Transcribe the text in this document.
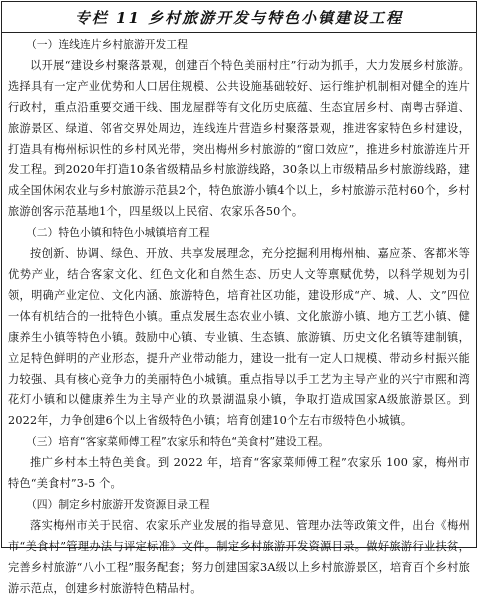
专栏 11 乡村旅游开发与特色小镇建设工程
（一）连线连片乡村旅游开发工程

以开展“建设乡村聚落景观，创建百个特色美丽村庄”行动为抓手，大力发展乡村旅游。选择具有一定产业优势和人口居住规模、公共设施基础较好、运行维护机制相对健全的连片行政村，重点沿重要交通干线、围龙屋群等有文化历史底蕴、生态宜居乡村、南粤古驿道、旅游景区、绿道、邻省交界处周边，连线连片营造乡村聚落景观，推进客家特色乡村建设，打造具有梅州标识性的乡村风光带，突出梅州乡村旅游的“窗口效应”，推进乡村旅游连片开发工程。到2020年打造10条省级精品乡村旅游线路，30条以上市级精品乡村旅游线路，建成全国休闲农业与乡村旅游示范县2个，特色旅游小镇4个以上，乡村旅游示范村60个，乡村旅游创客示范基地1个，四星级以上民宿、农家乐各50个。

（二）特色小镇和特色小城镇培育工程

按创新、协调、绿色、开放、共享发展理念，充分挖掘利用梅州柚、嘉应茶、客都米等优势产业，结合客家文化、红色文化和自然生态、历史人文等禀赋优势，以科学规划为引领，明确产业定位、文化内涵、旅游特色，培育社区功能，建设形成“产、城、人、文”四位一体有机结合的一批特色小镇。重点发展生态农业小镇、文化旅游小镇、地方工艺小镇、健康养生小镇等特色小镇。鼓励中心镇、专业镇、生态镇、旅游镇、历史文化名镇等建制镇，立足特色鲜明的产业形态，提升产业带动能力，建设一批有一定人口规模、带动乡村振兴能力较强、具有核心竞争力的美丽特色小城镇。重点指导以手工艺为主导产业的兴宁市熙和湾花灯小镇和以健康养生为主导产业的玖景湖温泉小镇，争取打造成国家A级旅游景区。到2022年，力争创建6个以上省级特色小镇；培育创建10个左右市级特色小城镇。

（三）培育“客家菜师傅工程”农家乐和特色“美食村”建设工程。

推广乡村本土特色美食。到 2022 年，培育“客家菜师傅工程”农家乐 100 家，梅州市特色“美食村”3-5 个。

（四）制定乡村旅游开发资源目录工程

落实梅州市关于民宿、农家乐产业发展的指导意见、管理办法等政策文件，出台《梅州市“美食村”管理办法与评定标准》文件。制定乡村旅游开发资源目录。做好旅游行业扶贫，完善乡村旅游“八小工程”服务配套；努力创建国家3A级以上乡村旅游景区，培育百个乡村旅游示范点，创建乡村旅游特色精品村。
